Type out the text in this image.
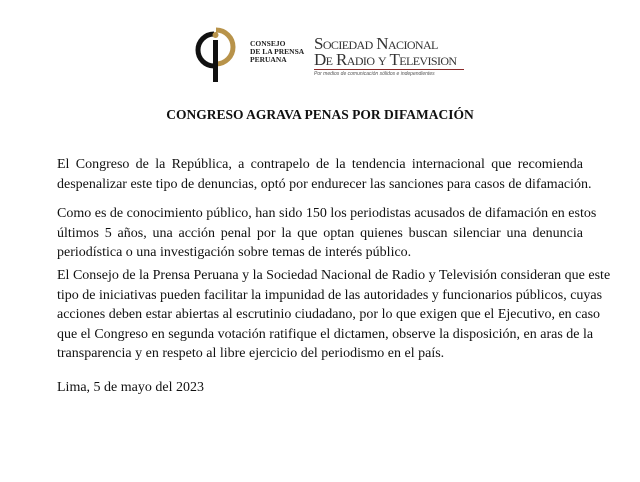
CONSEJO
DE LA PRENSA
PERUANA
Sociedad Nacional
De Radio y Television
Por medios de comunicación sólidos e independientes
CONGRESO AGRAVA PENAS POR DIFAMACIÓN
El Congreso de la República, a contrapelo de la tendencia internacional que recomienda
despenalizar este tipo de denuncias, optó por endurecer las sanciones para casos de difamación.
Como es de conocimiento público, han sido 150 los periodistas acusados de difamación en estos
últimos 5 años, una acción penal por la que optan quienes buscan silenciar una denuncia
periodística o una investigación sobre temas de interés público.
El Consejo de la Prensa Peruana y la Sociedad Nacional de Radio y Televisión consideran que este
tipo de iniciativas pueden facilitar la impunidad de las autoridades y funcionarios públicos, cuyas
acciones deben estar abiertas al escrutinio ciudadano, por lo que exigen que el Ejecutivo, en caso
que el Congreso en segunda votación ratifique el dictamen, observe la disposición, en aras de la
transparencia y en respeto al libre ejercicio del periodismo en el país.
Lima, 5 de mayo del 2023
